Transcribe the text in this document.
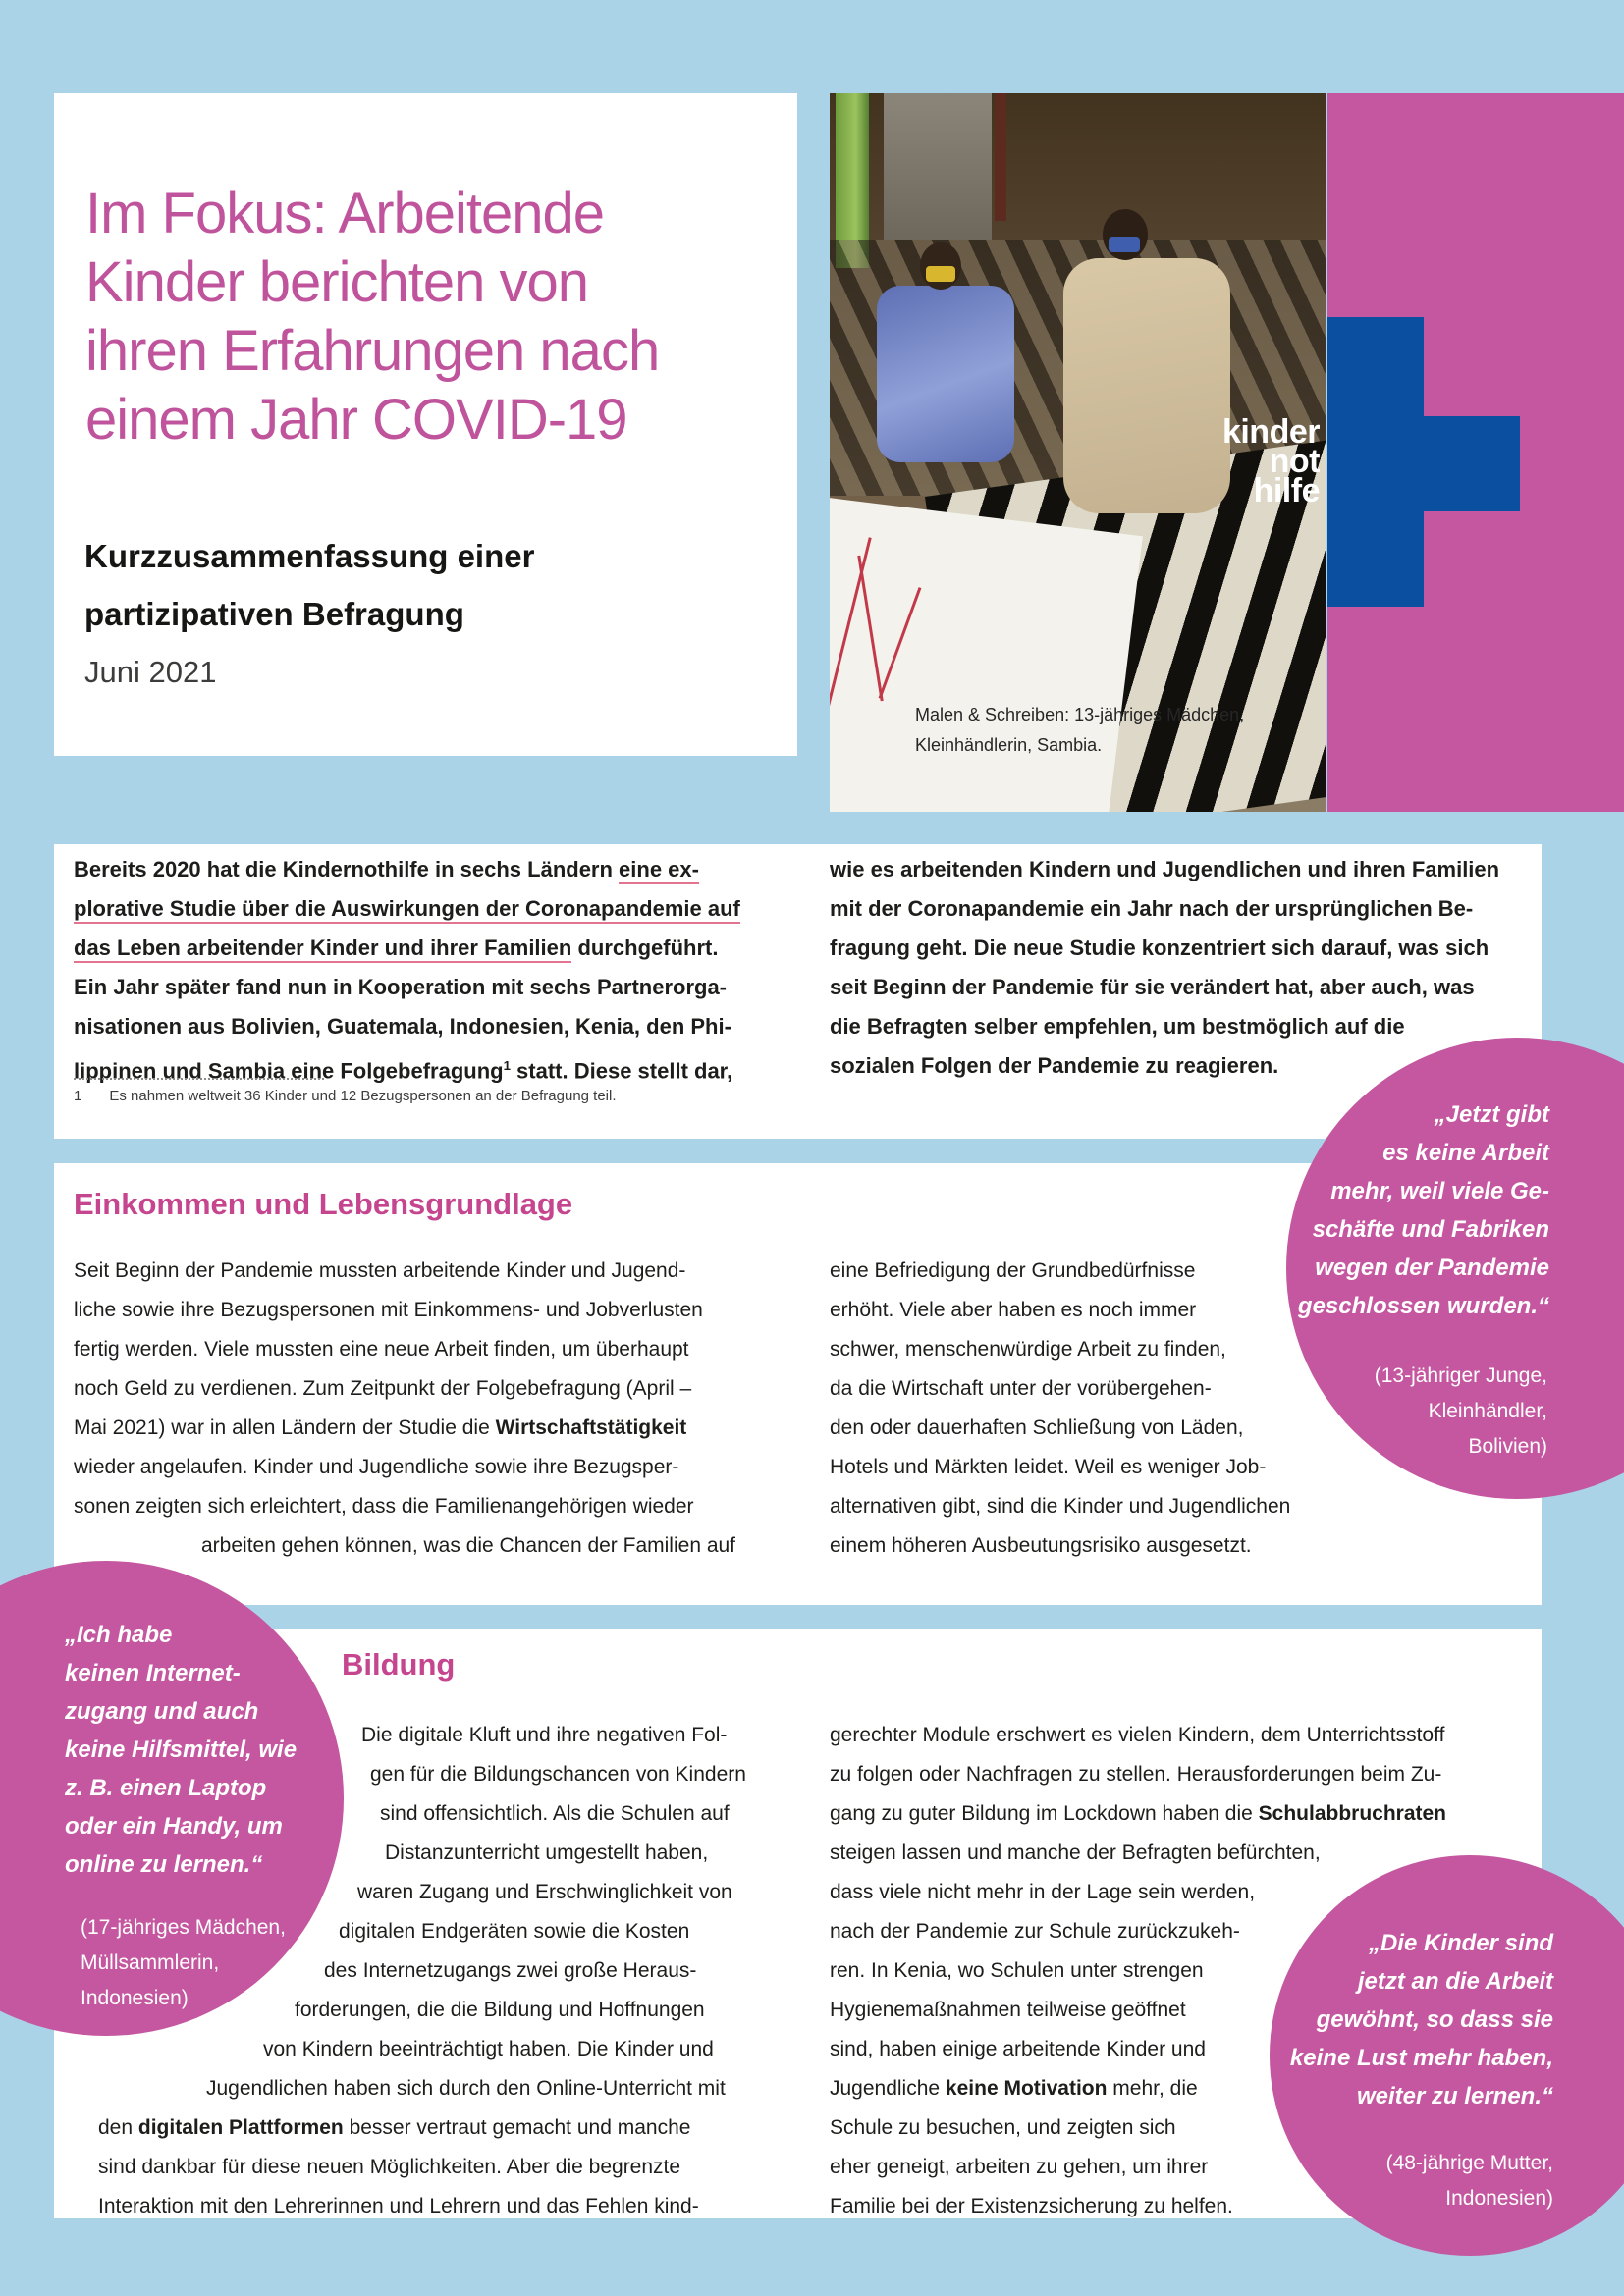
Im Fokus: Arbeitende
Kinder berichten von
ihren Erfahrungen nach
einem Jahr COVID-19
Kurzzusammenfassung einer
partizipativen Befragung
Juni 2021
Malen & Schreiben: 13-jähriges Mädchen,
Kleinhändlerin, Sambia.
kinder
not
hilfe
Bereits 2020 hat die Kindernothilfe in sechs Ländern eine ex-
plorative Studie über die Auswirkungen der Coronapandemie auf
das Leben arbeitender Kinder und ihrer Familien durchgeführt.
Ein Jahr später fand nun in Kooperation mit sechs Partnerorga-
nisationen aus Bolivien, Guatemala, Indonesien, Kenia, den Phi-
lippinen und Sambia eine Folgebefragung$^1$ statt. Diese stellt dar,
wie es arbeitenden Kindern und Jugendlichen und ihren Familien
mit der Coronapandemie ein Jahr nach der ursprünglichen Be-
fragung geht. Die neue Studie konzentriert sich darauf, was sich
seit Beginn der Pandemie für sie verändert hat, aber auch, was
die Befragten selber empfehlen, um bestmöglich auf die
sozialen Folgen der Pandemie zu reagieren.
1 Es nahmen weltweit 36 Kinder und 12 Bezugspersonen an der Befragung teil.
Einkommen und Lebensgrundlage
Seit Beginn der Pandemie mussten arbeitende Kinder und Jugend-
liche sowie ihre Bezugspersonen mit Einkommens- und Jobverlusten
fertig werden. Viele mussten eine neue Arbeit finden, um überhaupt
noch Geld zu verdienen. Zum Zeitpunkt der Folgebefragung (April –
Mai 2021) war in allen Ländern der Studie die Wirtschaftstätigkeit
wieder angelaufen. Kinder und Jugendliche sowie ihre Bezugsper-
sonen zeigten sich erleichtert, dass die Familienangehörigen wieder
arbeiten gehen können, was die Chancen der Familien auf
eine Befriedigung der Grundbedürfnisse
erhöht. Viele aber haben es noch immer
schwer, menschenwürdige Arbeit zu finden,
da die Wirtschaft unter der vorübergehen-
den oder dauerhaften Schließung von Läden,
Hotels und Märkten leidet. Weil es weniger Job-
alternativen gibt, sind die Kinder und Jugendlichen
einem höheren Ausbeutungsrisiko ausgesetzt.
Bildung
Die digitale Kluft und ihre negativen Fol-
gen für die Bildungschancen von Kindern
sind offensichtlich. Als die Schulen auf
Distanzunterricht umgestellt haben,
waren Zugang und Erschwinglichkeit von
digitalen Endgeräten sowie die Kosten
des Internetzugangs zwei große Heraus-
forderungen, die die Bildung und Hoffnungen
von Kindern beeinträchtigt haben. Die Kinder und
Jugendlichen haben sich durch den Online-Unterricht mit
den digitalen Plattformen besser vertraut gemacht und manche
sind dankbar für diese neuen Möglichkeiten. Aber die begrenzte
Interaktion mit den Lehrerinnen und Lehrern und das Fehlen kind-
gerechter Module erschwert es vielen Kindern, dem Unterrichtsstoff
zu folgen oder Nachfragen zu stellen. Herausforderungen beim Zu-
gang zu guter Bildung im Lockdown haben die Schulabbruchraten
steigen lassen und manche der Befragten befürchten,
dass viele nicht mehr in der Lage sein werden,
nach der Pandemie zur Schule zurückzukeh-
ren. In Kenia, wo Schulen unter strengen
Hygienemaßnahmen teilweise geöffnet
sind, haben einige arbeitende Kinder und
Jugendliche keine Motivation mehr, die
Schule zu besuchen, und zeigten sich
eher geneigt, arbeiten zu gehen, um ihrer
Familie bei der Existenzsicherung zu helfen.
„Jetzt gibt
es keine Arbeit
mehr, weil viele Ge-
schäfte und Fabriken
wegen der Pandemie
geschlossen wurden.“
(13-jähriger Junge,
Kleinhändler,
Bolivien)
„Ich habe
keinen Internet-
zugang und auch
keine Hilfsmittel, wie
z. B. einen Laptop
oder ein Handy, um
online zu lernen.“
(17-jähriges Mädchen,
Müllsammlerin,
Indonesien)
„Die Kinder sind
jetzt an die Arbeit
gewöhnt, so dass sie
keine Lust mehr haben,
weiter zu lernen.“
(48-jährige Mutter,
Indonesien)
